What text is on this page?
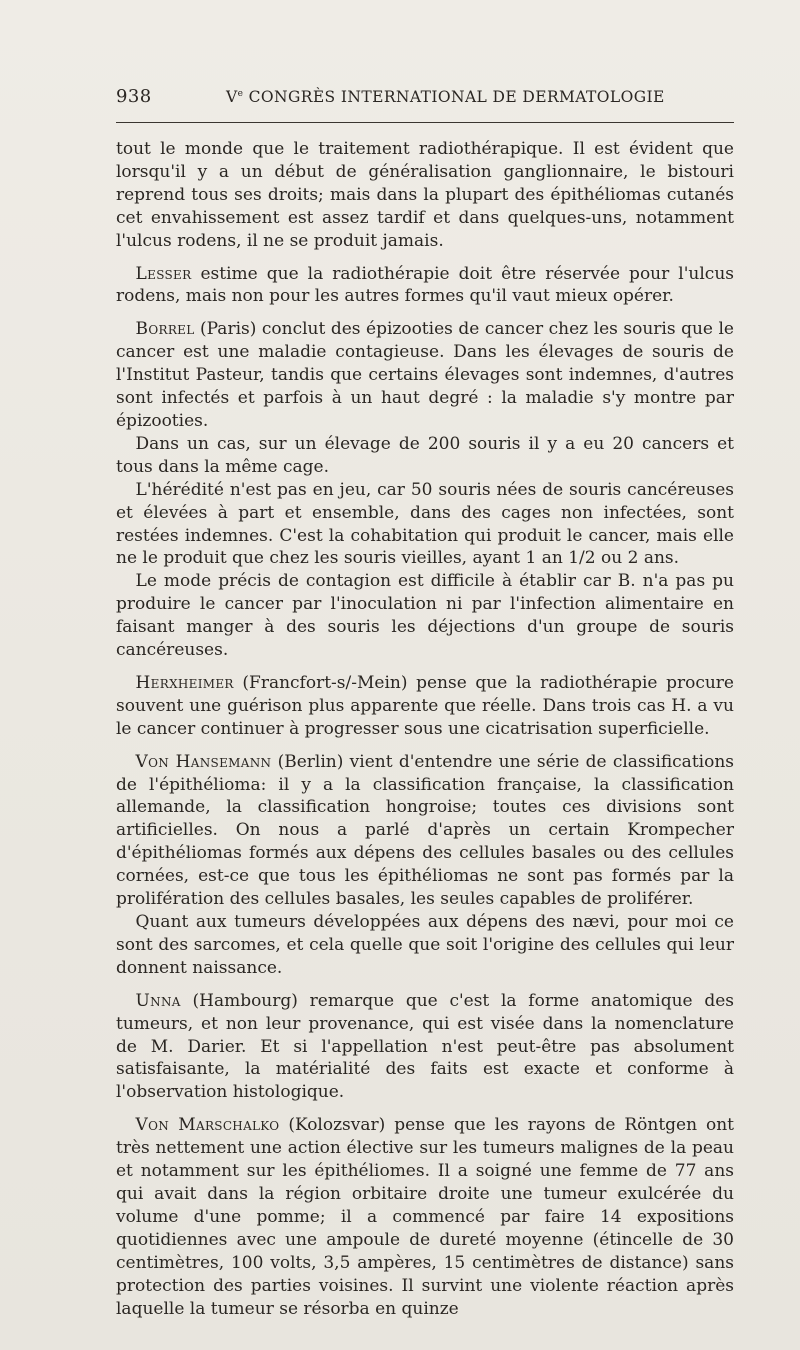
938	Ve CONGRÈS INTERNATIONAL DE DERMATOLOGIE

tout le monde que le traitement radiothérapique. Il est évident que lorsqu'il y a un début de généralisation ganglionnaire, le bistouri reprend tous ses droits; mais dans la plupart des épithéliomas cutanés cet envahissement est assez tardif et dans quelques-uns, notamment l'ulcus rodens, il ne se produit jamais.

Lesser estime que la radiothérapie doit être réservée pour l'ulcus rodens, mais non pour les autres formes qu'il vaut mieux opérer.

Borrel (Paris) conclut des épizooties de cancer chez les souris que le cancer est une maladie contagieuse. Dans les élevages de souris de l'Institut Pasteur, tandis que certains élevages sont indemnes, d'autres sont infectés et parfois à un haut degré : la maladie s'y montre par épizooties.

Dans un cas, sur un élevage de 200 souris il y a eu 20 cancers et tous dans la même cage.

L'hérédité n'est pas en jeu, car 50 souris nées de souris cancéreuses et élevées à part et ensemble, dans des cages non infectées, sont restées indemnes. C'est la cohabitation qui produit le cancer, mais elle ne le produit que chez les souris vieilles, ayant 1 an 1/2 ou 2 ans.

Le mode précis de contagion est difficile à établir car B. n'a pas pu produire le cancer par l'inoculation ni par l'infection alimentaire en faisant manger à des souris les déjections d'un groupe de souris cancéreuses.

Herxheimer (Francfort-s/-Mein) pense que la radiothérapie procure souvent une guérison plus apparente que réelle. Dans trois cas H. a vu le cancer continuer à progresser sous une cicatrisation superficielle.

Von Hansemann (Berlin) vient d'entendre une série de classifications de l'épithélioma: il y a la classification française, la classification allemande, la classification hongroise; toutes ces divisions sont artificielles. On nous a parlé d'après un certain Krompecher d'épithéliomas formés aux dépens des cellules basales ou des cellules cornées, est-ce que tous les épithéliomas ne sont pas formés par la prolifération des cellules basales, les seules capables de proliférer.

Quant aux tumeurs développées aux dépens des nævi, pour moi ce sont des sarcomes, et cela quelle que soit l'origine des cellules qui leur donnent naissance.

Unna (Hambourg) remarque que c'est la forme anatomique des tumeurs, et non leur provenance, qui est visée dans la nomenclature de M. Darier. Et si l'appellation n'est peut-être pas absolument satisfaisante, la matérialité des faits est exacte et conforme à l'observation histologique.

Von Marschalko (Kolozsvar) pense que les rayons de Röntgen ont très nettement une action élective sur les tumeurs malignes de la peau et notamment sur les épithéliomes. Il a soigné une femme de 77 ans qui avait dans la région orbitaire droite une tumeur exulcérée du volume d'une pomme; il a commencé par faire 14 expositions quotidiennes avec une ampoule de dureté moyenne (étincelle de 30 centimètres, 100 volts, 3,5 ampères, 15 centimètres de distance) sans protection des parties voisines. Il survint une violente réaction après laquelle la tumeur se résorba en quinze
